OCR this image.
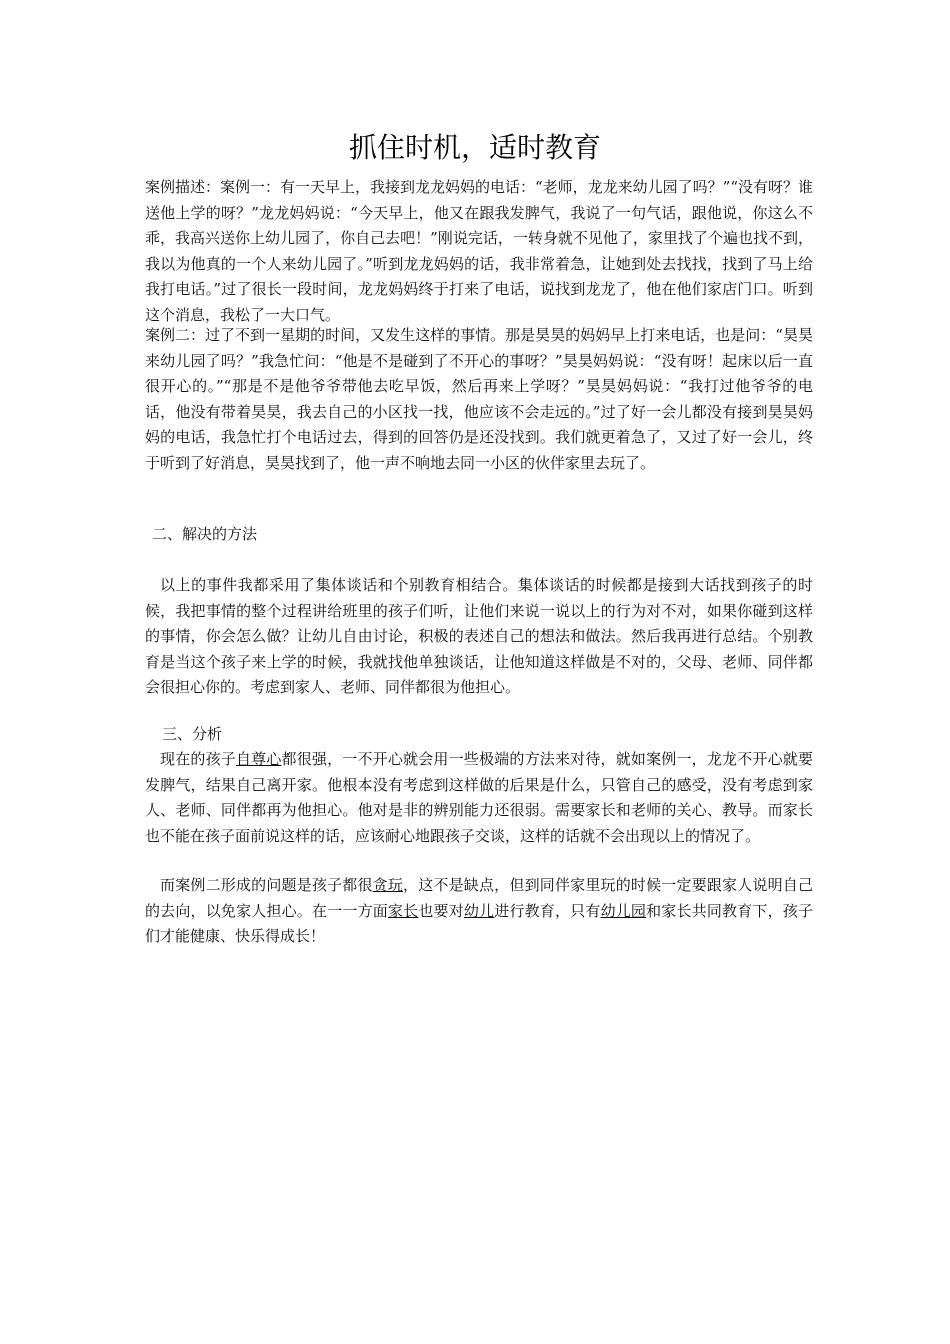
抓住时机，适时教育

案例描述：案例一：有一天早上，我接到龙龙妈妈的电话：“老师，龙龙来幼儿园了吗？”“没有呀？谁送他上学的呀？”龙龙妈妈说：“今天早上，他又在跟我发脾气，我说了一句气话，跟他说，你这么不乖，我高兴送你上幼儿园了，你自己去吧！”刚说完话，一转身就不见他了，家里找了个遍也找不到，我以为他真的一个人来幼儿园了。”听到龙龙妈妈的话，我非常着急，让她到处去找找，找到了马上给我打电话。”过了很长一段时间，龙龙妈妈终于打来了电话，说找到龙龙了，他在他们家店门口。听到这个消息，我松了一大口气。

案例二：过了不到一星期的时间，又发生这样的事情。那是昊昊的妈妈早上打来电话，也是问：“昊昊来幼儿园了吗？”我急忙问：“他是不是碰到了不开心的事呀？”昊昊妈妈说：“没有呀！起床以后一直很开心的。”“那是不是他爷爷带他去吃早饭，然后再来上学呀？”昊昊妈妈说：“我打过他爷爷的电话，他没有带着昊昊，我去自己的小区找一找，他应该不会走远的。”过了好一会儿都没有接到昊昊妈妈的电话，我急忙打个电话过去，得到的回答仍是还没找到。我们就更着急了，又过了好一会儿，终于听到了好消息，昊昊找到了，他一声不响地去同一小区的伙伴家里去玩了。

二、解决的方法

以上的事件我都采用了集体谈话和个别教育相结合。集体谈话的时候都是接到大话找到孩子的时候，我把事情的整个过程讲给班里的孩子们听，让他们来说一说以上的行为对不对，如果你碰到这样的事情，你会怎么做？让幼儿自由讨论，积极的表述自己的想法和做法。然后我再进行总结。个别教育是当这个孩子来上学的时候，我就找他单独谈话，让他知道这样做是不对的，父母、老师、同伴都会很担心你的。考虑到家人、老师、同伴都很为他担心。

三、分析

现在的孩子自尊心都很强，一不开心就会用一些极端的方法来对待，就如案例一，龙龙不开心就要发脾气，结果自己离开家。他根本没有考虑到这样做的后果是什么，只管自己的感受，没有考虑到家人、老师、同伴都再为他担心。他对是非的辨别能力还很弱。需要家长和老师的关心、教导。而家长也不能在孩子面前说这样的话，应该耐心地跟孩子交谈，这样的话就不会出现以上的情况了。

而案例二形成的问题是孩子都很贪玩，这不是缺点，但到同伴家里玩的时候一定要跟家人说明自己的去向，以免家人担心。在一一方面家长也要对幼儿进行教育，只有幼儿园和家长共同教育下，孩子们才能健康、快乐得成长！
